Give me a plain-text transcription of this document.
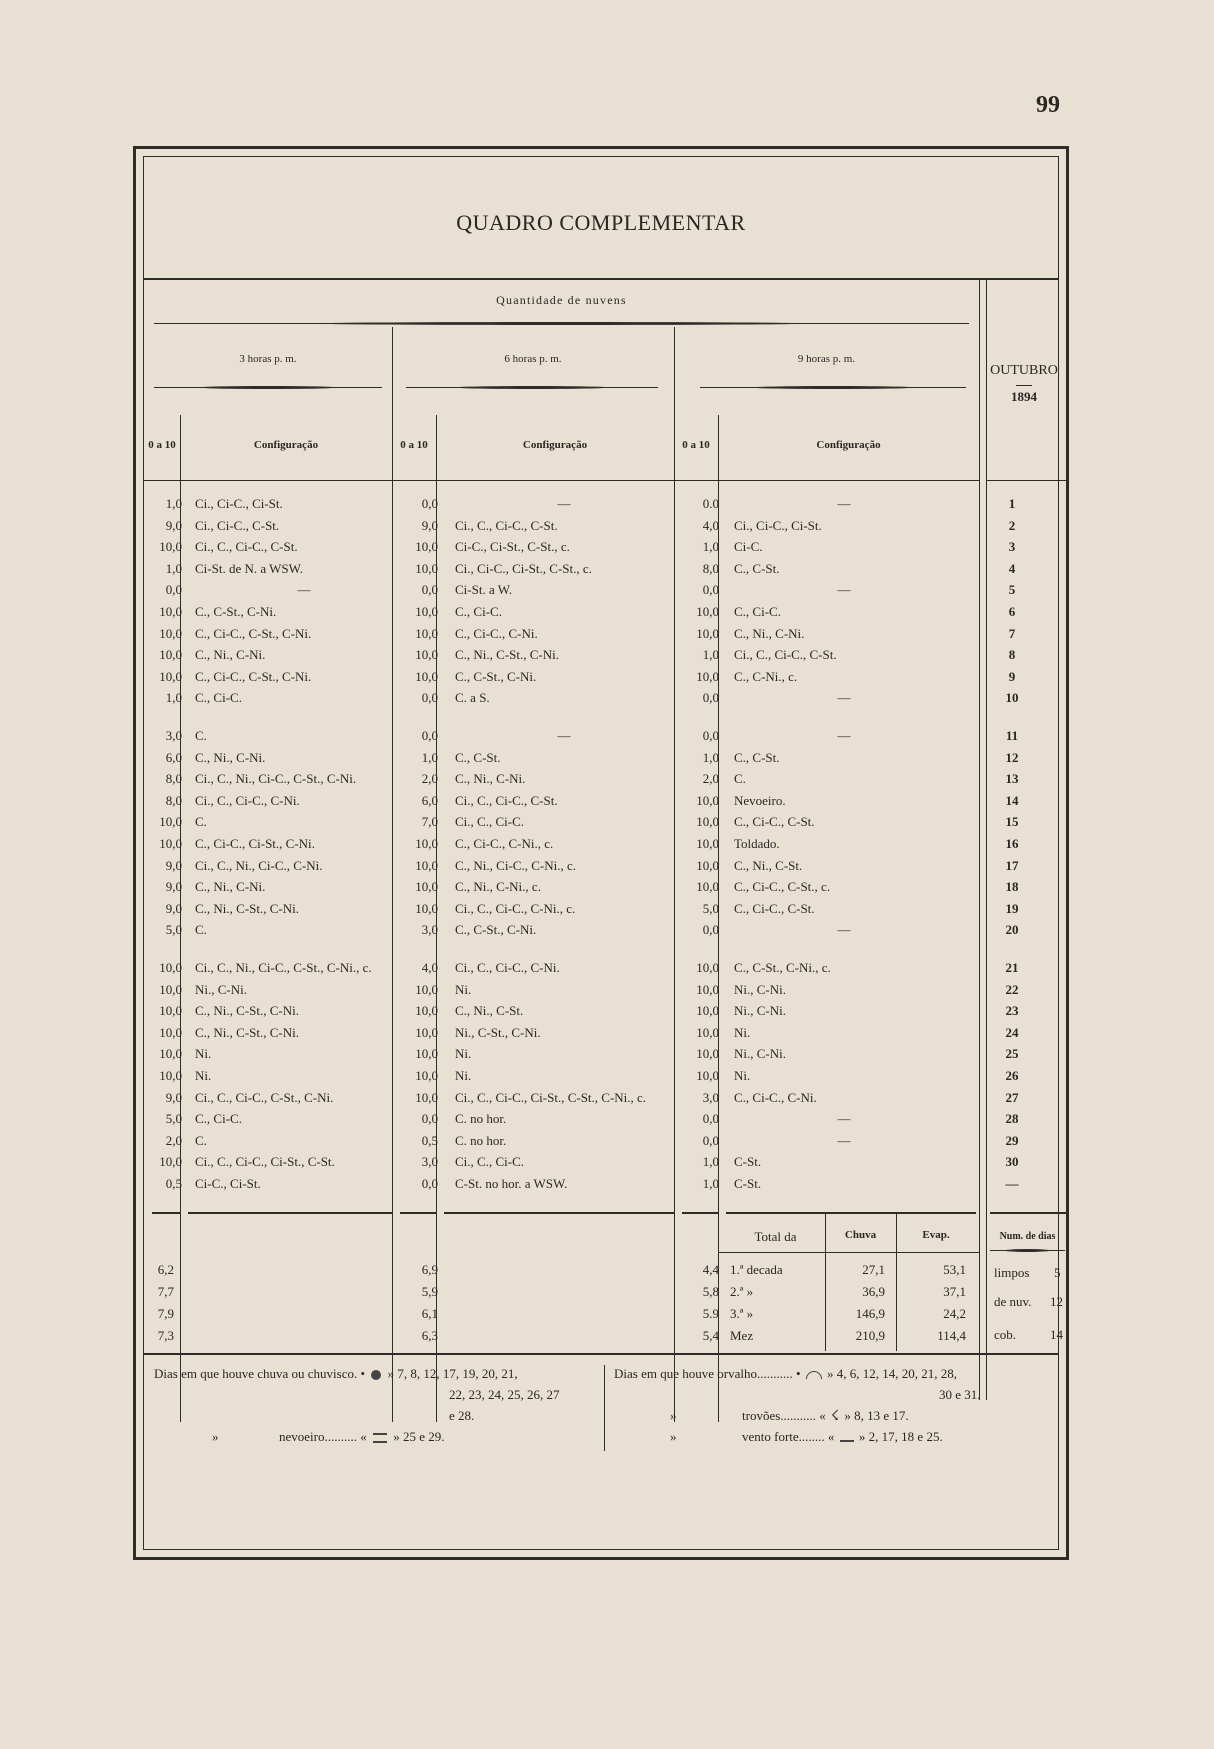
99
QUADRO COMPLEMENTAR
Quantidade de nuvens
3 horas p. m.	6 horas p. m.	9 horas p. m.
OUTUBRO
1894
0 a 10	Configuração	0 a 10	Configuração	0 a 10	Configuração
1,0 Ci., Ci-C., Ci-St.	0,0	—	0.0	—	1
9,0 Ci., Ci-C., C-St.	9,0 Ci., C., Ci-C., C-St.	4,0 Ci., Ci-C., Ci-St.	2
10,0 Ci., C., Ci-C., C-St.	10,0 Ci-C., Ci-St., C-St., c.	1,0 Ci-C.	3
1,0 Ci-St. de N. a WSW.	10,0 Ci., Ci-C., Ci-St., C-St., c.	8,0 C., C-St.	4
0,0	—	0,0 Ci-St. a W.	0,0	—	5
10,0 C., C-St., C-Ni.	10,0 C., Ci-C.	10,0 C., Ci-C.	6
10,0 C., Ci-C., C-St., C-Ni.	10,0 C., Ci-C., C-Ni.	10,0 C., Ni., C-Ni.	7
10,0 C., Ni., C-Ni.	10,0 C., Ni., C-St., C-Ni.	1,0 Ci., C., Ci-C., C-St.	8
10,0 C., Ci-C., C-St., C-Ni.	10,0 C., C-St., C-Ni.	10,0 C., C-Ni., c.	9
1,0 C., Ci-C.	0,0 C. a S.	0,0	—	10
3,0 C.	0,0	—	0,0	—	11
6,0 C., Ni., C-Ni.	1,0 C., C-St.	1,0 C., C-St.	12
8,0 Ci., C., Ni., Ci-C., C-St., C-Ni.	2,0 C., Ni., C-Ni.	2,0 C.	13
8,0 Ci., C., Ci-C., C-Ni.	6,0 Ci., C., Ci-C., C-St.	10,0 Nevoeiro.	14
10,0 C.	7,0 Ci., C., Ci-C.	10,0 C., Ci-C., C-St.	15
10,0 C., Ci-C., Ci-St., C-Ni.	10,0 C., Ci-C., C-Ni., c.	10,0 Toldado.	16
9,0 Ci., C., Ni., Ci-C., C-Ni.	10,0 C., Ni., Ci-C., C-Ni., c.	10,0 C., Ni., C-St.	17
9,0 C., Ni., C-Ni.	10,0 C., Ni., C-Ni., c.	10,0 C., Ci-C., C-St., c.	18
9,0 C., Ni., C-St., C-Ni.	10,0 Ci., C., Ci-C., C-Ni., c.	5,0 C., Ci-C., C-St.	19
5,0 C.	3,0 C., C-St., C-Ni.	0,0	—	20
10,0 Ci., C., Ni., Ci-C., C-St., C-Ni., c.	4,0 Ci., C., Ci-C., C-Ni.	10,0 C., C-St., C-Ni., c.	21
10,0 Ni., C-Ni.	10,0 Ni.	10,0 Ni., C-Ni.	22
10,0 C., Ni., C-St., C-Ni.	10,0 C., Ni., C-St.	10,0 Ni., C-Ni.	23
10,0 C., Ni., C-St., C-Ni.	10,0 Ni., C-St., C-Ni.	10,0 Ni.	24
10,0 Ni.	10,0 Ni.	10,0 Ni., C-Ni.	25
10,0 Ni.	10,0 Ni.	10,0 Ni.	26
9,0 Ci., C., Ci-C., C-St., C-Ni.	10,0 Ci., C., Ci-C., Ci-St., C-St., C-Ni., c.	3,0 C., Ci-C., C-Ni.	27
5,0 C., Ci-C.	0,0 C. no hor.	0,0	—	28
2,0 C.	0,5 C. no hor.	0,0	—	29
10,0 Ci., C., Ci-C., Ci-St., C-St.	3,0 Ci., C., Ci-C.	1,0 C-St.	30
0,5 Ci-C., Ci-St.	0,0 C-St. no hor. a WSW.	1,0 C-St.	—
Total da	Chuva	Evap.	Num. de dias
6,2	6,9	4,4 1.ª decada	27,1	53,1
7,7	5,9	5,8 2.ª »	36,9	37,1
7,9	6,1	5.9 3.ª »	146,9	24,2
7,3	6,3	5,4 Mez	210,9	114,4
limpos 5
de nuv. 12
cob.	14
Dias em que houve chuva ou chuvisco. • » 7, 8, 12, 17, 19, 20, 21,
22, 23, 24, 25, 26, 27
e 28.
»	nevoeiro.......... « » 25 e 29.
Dias em que houve orvalho........... • » 4, 6, 12, 14, 20, 21, 28,
30 e 31.
»	trovões........... « ☇ » 8, 13 e 17.
»	vento forte........ « » 2, 17, 18 e 25.
